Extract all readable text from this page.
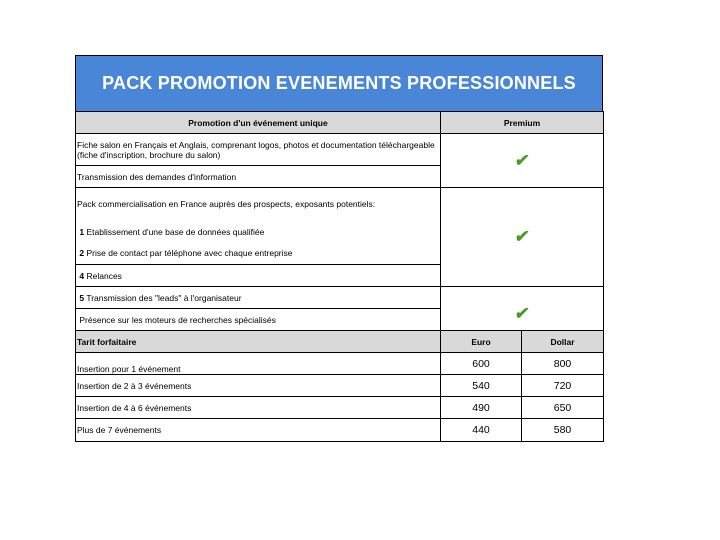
PACK PROMOTION EVENEMENTS PROFESSIONNELS
Promotion d'un événement unique	Premium	
Fiche salon en Français et Anglais, comprenant logos, photos et documentation téléchargeable (fiche d'inscription, brochure du salon)	✔	
Transmission des demandes d'information		
Pack commercialisation en France auprès des prospects, exposants potentiels:	✔	
1 Etablissement d'une base de données qualifiée		
2 Prise de contact par téléphone avec chaque entreprise		
4 Relances		
5 Transmission des "leads" à l'organisateur		
Présence sur les moteurs de recherches spécialisés	✔	
Tarit forfaitaire	Euro	Dollar
Insertion pour 1 événement	600	800
Insertion de 2 à 3 événements	540	720
Insertion de 4 à 6 événements	490	650
Plus de 7 événements	440	580
